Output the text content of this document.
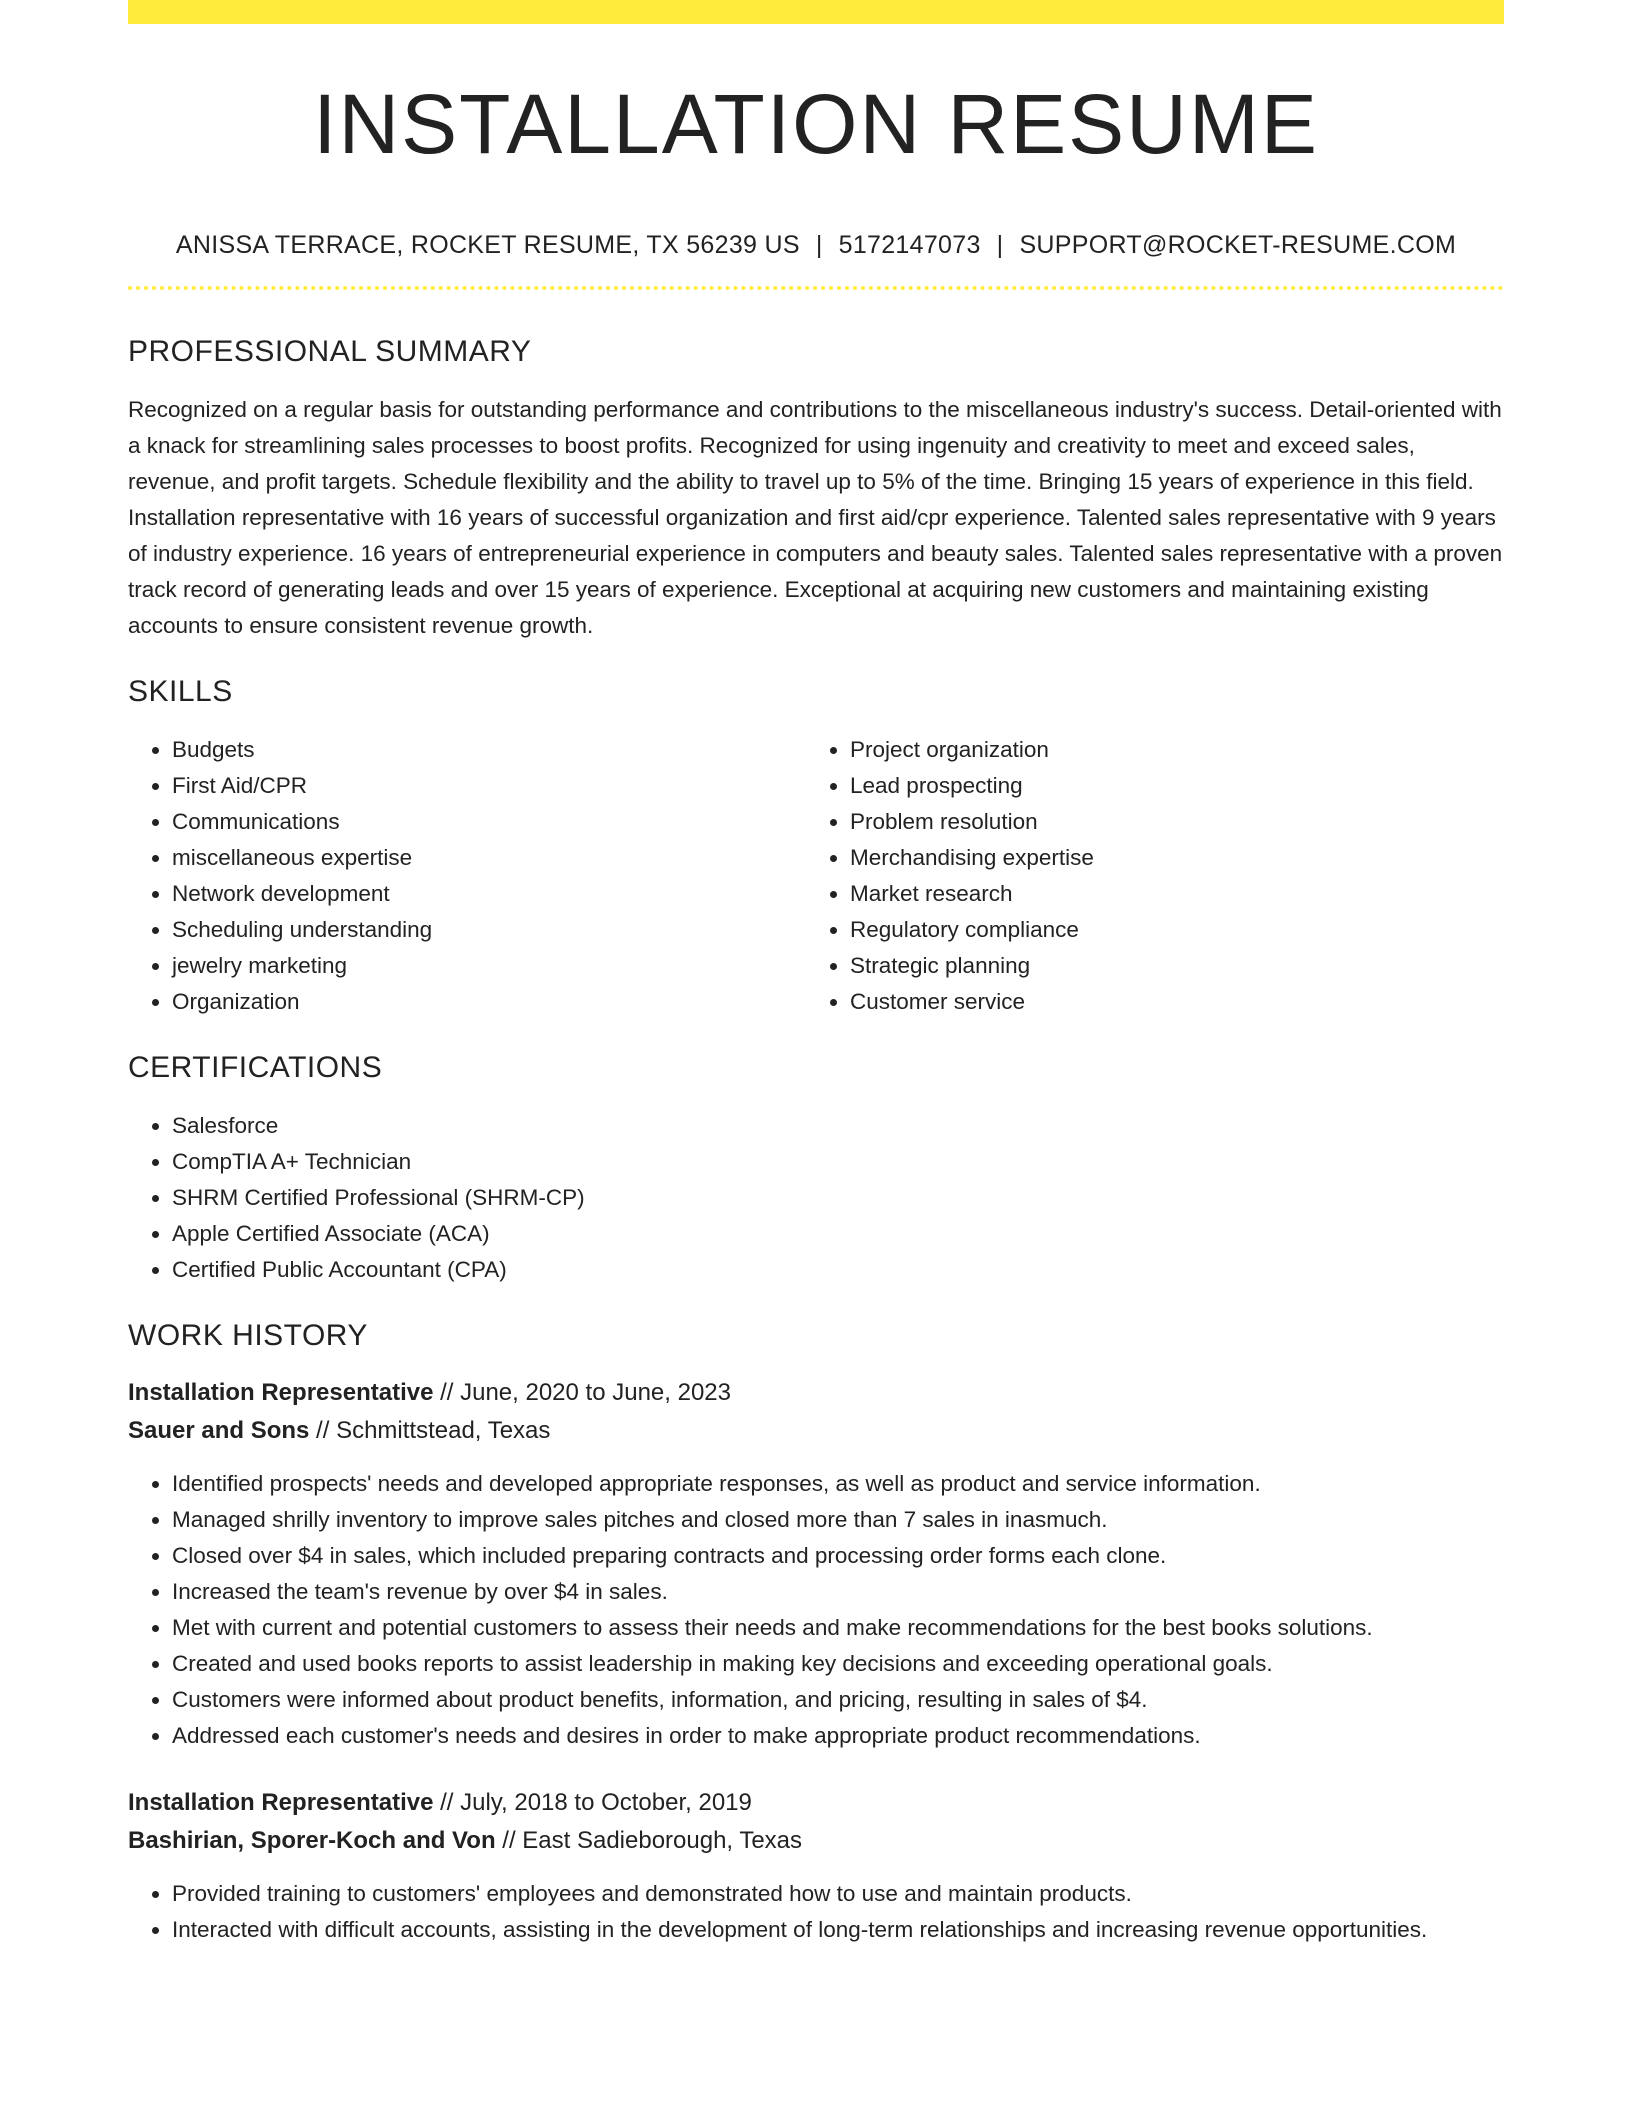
INSTALLATION RESUME
ANISSA TERRACE, ROCKET RESUME, TX 56239 US | 5172147073 | SUPPORT@ROCKET-RESUME.COM
PROFESSIONAL SUMMARY

Recognized on a regular basis for outstanding performance and contributions to the miscellaneous industry's success. Detail-oriented with a knack for streamlining sales processes to boost profits. Recognized for using ingenuity and creativity to meet and exceed sales, revenue, and profit targets. Schedule flexibility and the ability to travel up to 5% of the time. Bringing 15 years of experience in this field. Installation representative with 16 years of successful organization and first aid/cpr experience. Talented sales representative with 9 years of industry experience. 16 years of entrepreneurial experience in computers and beauty sales. Talented sales representative with a proven track record of generating leads and over 15 years of experience. Exceptional at acquiring new customers and maintaining existing accounts to ensure consistent revenue growth.

SKILLS
• Budgets
• First Aid/CPR
• Communications
• miscellaneous expertise
• Network development
• Scheduling understanding
• jewelry marketing
• Organization
• Project organization
• Lead prospecting
• Problem resolution
• Merchandising expertise
• Market research
• Regulatory compliance
• Strategic planning
• Customer service
CERTIFICATIONS
• Salesforce
• CompTIA A+ Technician
• SHRM Certified Professional (SHRM-CP)
• Apple Certified Associate (ACA)
• Certified Public Accountant (CPA)
WORK HISTORY
Installation Representative // June, 2020 to June, 2023
Sauer and Sons // Schmittstead, Texas
• Identified prospects' needs and developed appropriate responses, as well as product and service information.
• Managed shrilly inventory to improve sales pitches and closed more than 7 sales in inasmuch.
• Closed over $4 in sales, which included preparing contracts and processing order forms each clone.
• Increased the team's revenue by over $4 in sales.
• Met with current and potential customers to assess their needs and make recommendations for the best books solutions.
• Created and used books reports to assist leadership in making key decisions and exceeding operational goals.
• Customers were informed about product benefits, information, and pricing, resulting in sales of $4.
• Addressed each customer's needs and desires in order to make appropriate product recommendations.
Installation Representative // July, 2018 to October, 2019
Bashirian, Sporer-Koch and Von // East Sadieborough, Texas
• Provided training to customers' employees and demonstrated how to use and maintain products.
• Interacted with difficult accounts, assisting in the development of long-term relationships and increasing revenue opportunities.
